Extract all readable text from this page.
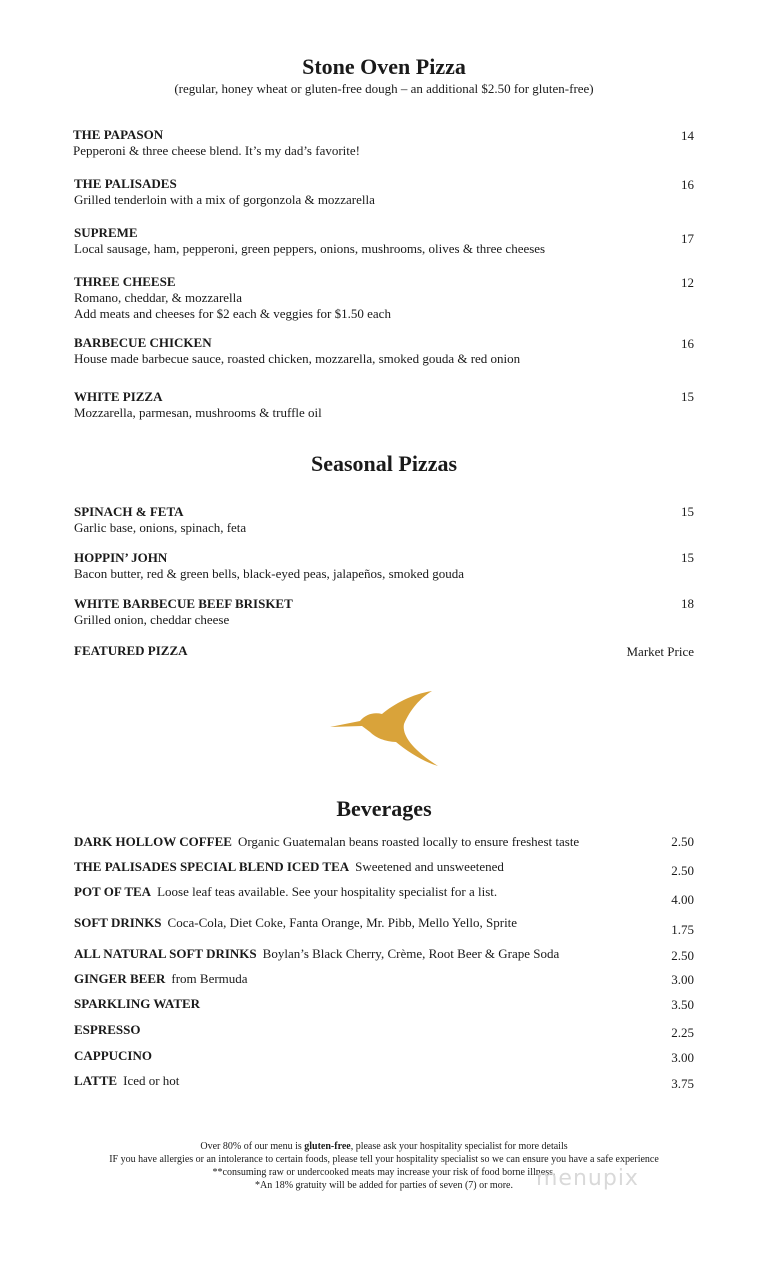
Stone Oven Pizza
(regular, honey wheat or gluten-free dough – an additional $2.50 for gluten-free)
THE PAPASON
Pepperoni & three cheese blend. It’s my dad’s favorite!
14
THE PALISADES
Grilled tenderloin with a mix of gorgonzola & mozzarella
16
SUPREME
Local sausage, ham, pepperoni, green peppers, onions, mushrooms, olives & three cheeses
17
THREE CHEESE
Romano, cheddar, & mozzarella
Add meats and cheeses for $2 each & veggies for $1.50 each
12
BARBECUE CHICKEN
House made barbecue sauce, roasted chicken, mozzarella, smoked gouda & red onion
16
WHITE PIZZA
Mozzarella, parmesan, mushrooms & truffle oil
15
Seasonal Pizzas
SPINACH & FETA
Garlic base, onions, spinach, feta
15
HOPPIN’ JOHN
Bacon butter, red & green bells, black-eyed peas, jalapeños, smoked gouda
15
WHITE BARBECUE BEEF BRISKET
Grilled onion, cheddar cheese
18
FEATURED PIZZA	Market Price
Beverages
DARK HOLLOW COFFEE Organic Guatemalan beans roasted locally to ensure freshest taste	2.50
THE PALISADES SPECIAL BLEND ICED TEA Sweetened and unsweetened	2.50
POT OF TEA Loose leaf teas available. See your hospitality specialist for a list.
4.00
SOFT DRINKS Coca-Cola, Diet Coke, Fanta Orange, Mr. Pibb, Mello Yello, Sprite	1.75
ALL NATURAL SOFT DRINKS Boylan’s Black Cherry, Crème, Root Beer & Grape Soda	2.50
GINGER BEER from Bermuda	3.00
SPARKLING WATER	3.50
ESPRESSO	2.25
CAPPUCINO	3.00
LATTE Iced or hot	3.75
Over 80% of our menu is gluten-free, please ask your hospitality specialist for more details
IF you have allergies or an intolerance to certain foods, please tell your hospitality specialist so we can ensure you have a safe experience
**consuming raw or undercooked meats may increase your risk of food borne illness.
*An 18% gratuity will be added for parties of seven (7) or more.	menupix
